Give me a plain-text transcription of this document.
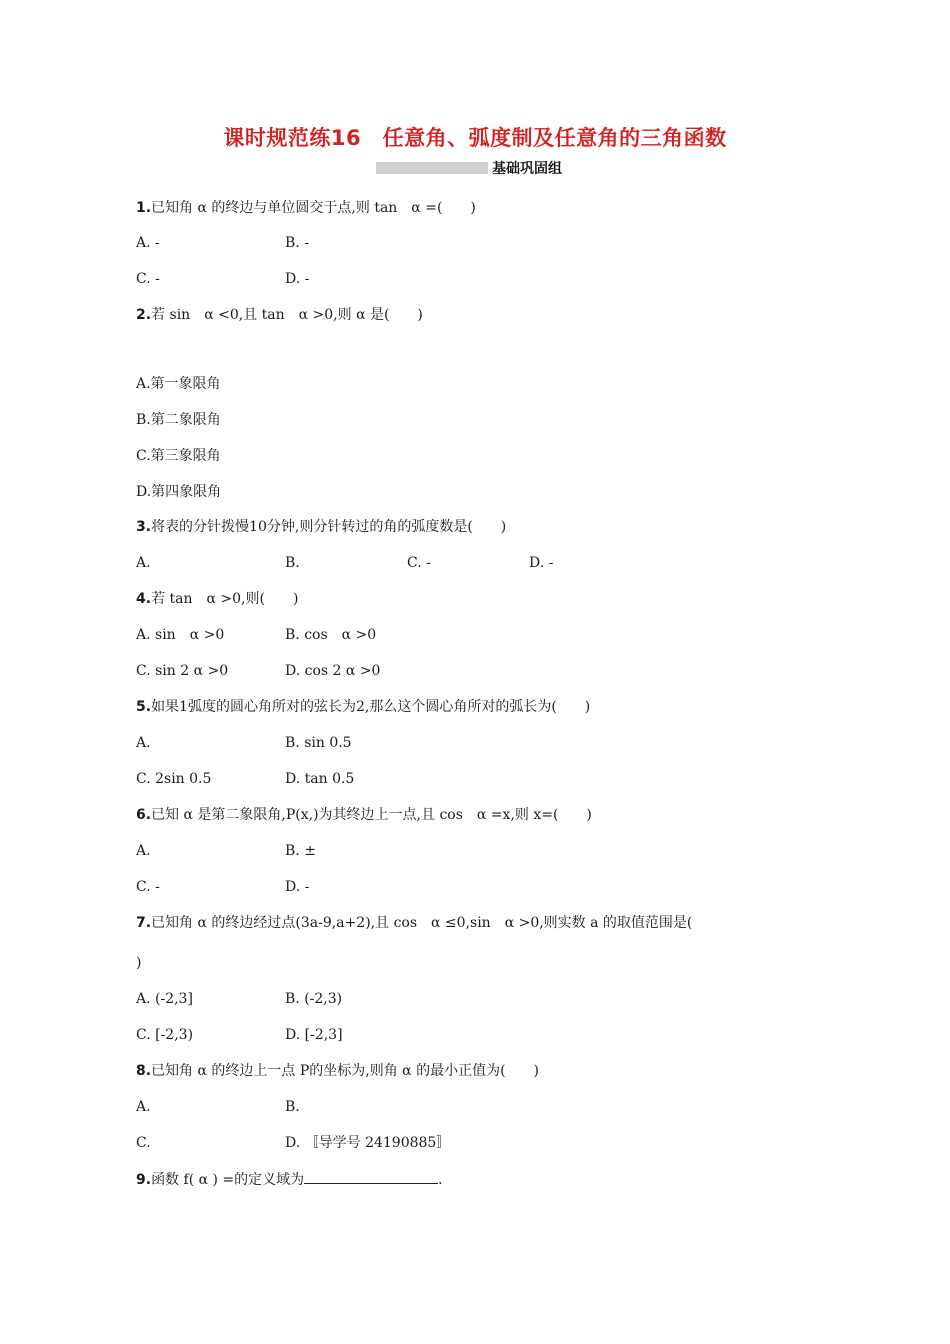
课时规范练16　任意角、弧度制及任意角的三角函数
基础巩固组
1.已知角 α 的终边与单位圆交于点,则 tan　α =(　　)
A. -	B. -
C. -	D. -
2.若 sin　α <0,且 tan　α >0,则 α 是(　　)
A.第一象限角
B.第二象限角
C.第三象限角
D.第四象限角
3.将表的分针拨慢10分钟,则分针转过的角的弧度数是(　　)
A.	B.	C. -	D. -
4.若 tan　α >0,则(　　)
A. sin　α >0	B. cos　α >0
C. sin 2 α >0	D. cos 2 α >0
5.如果1弧度的圆心角所对的弦长为2,那么这个圆心角所对的弧长为(　　)
A.	B. sin 0.5
C. 2sin 0.5	D. tan 0.5
6.已知 α 是第二象限角,P(x,)为其终边上一点,且 cos　α =x,则 x=(　　)
A.	B. ±
C. -	D. -
7.已知角 α 的终边经过点(3a-9,a+2),且 cos　α ≤0,sin　α >0,则实数 a 的取值范围是(
)
A. (-2,3]	B. (-2,3)
C. [-2,3)	D. [-2,3]
8.已知角 α 的终边上一点 P的坐标为,则角 α 的最小正值为(　　)
A.	B.
C.	D. 〚导学号 24190885〛
9.函数 f( α ) =的定义域为	.
